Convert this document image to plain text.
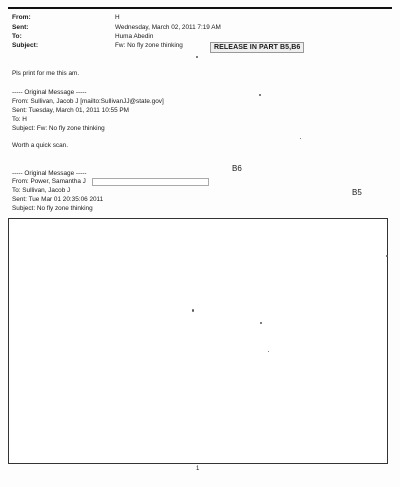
From:	H
Sent:	Wednesday, March 02, 2011 7:19 AM
To:	Huma Abedin
Subject:	Fw: No fly zone thinking	RELEASE IN PART B5,B6
Pls print for me this am.
----- Original Message -----
From: Sullivan, Jacob J [mailto:SullivanJJ@state.gov]
Sent: Tuesday, March 01, 2011 10:55 PM
To: H
Subject: Fw: No fly zone thinking
Worth a quick scan.
B6
----- Original Message -----
From: Power, Samantha J
B5
To: Sullivan, Jacob J
Sent: Tue Mar 01 20:35:06 2011
Subject: No fly zone thinking
1
